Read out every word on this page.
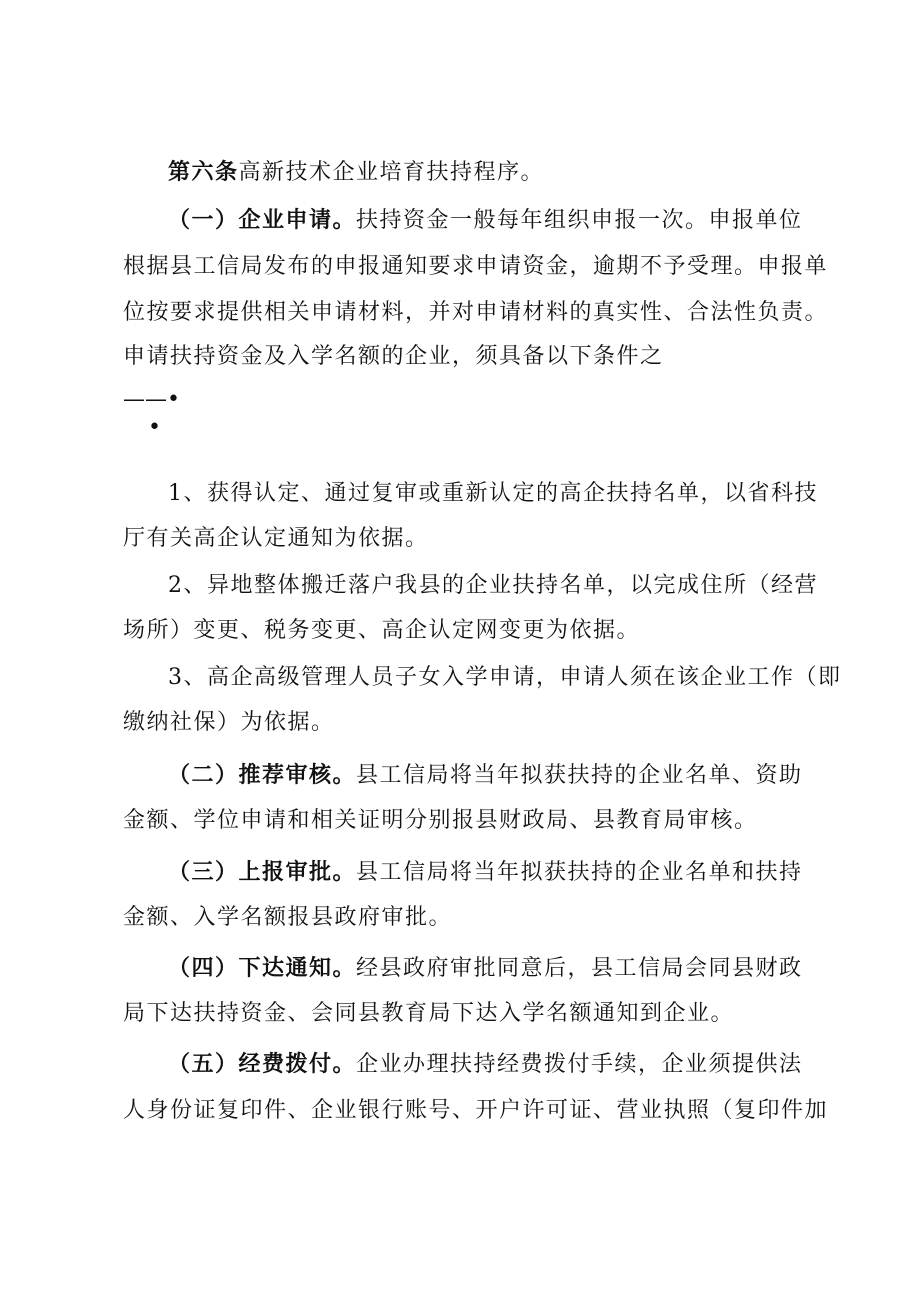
第六条高新技术企业培育扶持程序。
（一）企业申请。扶持资金一般每年组织申报一次。申报单位
根据县工信局发布的申报通知要求申请资金，逾期不予受理。申报单
位按要求提供相关申请材料，并对申请材料的真实性、合法性负责。
申请扶持资金及入学名额的企业，须具备以下条件之
——•
•
1、获得认定、通过复审或重新认定的高企扶持名单，以省科技
厅有关高企认定通知为依据。
2、异地整体搬迁落户我县的企业扶持名单，以完成住所（经营
场所）变更、税务变更、高企认定网变更为依据。
3、高企高级管理人员子女入学申请，申请人须在该企业工作（即
缴纳社保）为依据。
（二）推荐审核。县工信局将当年拟获扶持的企业名单、资助
金额、学位申请和相关证明分别报县财政局、县教育局审核。
（三）上报审批。县工信局将当年拟获扶持的企业名单和扶持
金额、入学名额报县政府审批。
（四）下达通知。经县政府审批同意后，县工信局会同县财政
局下达扶持资金、会同县教育局下达入学名额通知到企业。
（五）经费拨付。企业办理扶持经费拨付手续，企业须提供法
人身份证复印件、企业银行账号、开户许可证、营业执照（复印件加
